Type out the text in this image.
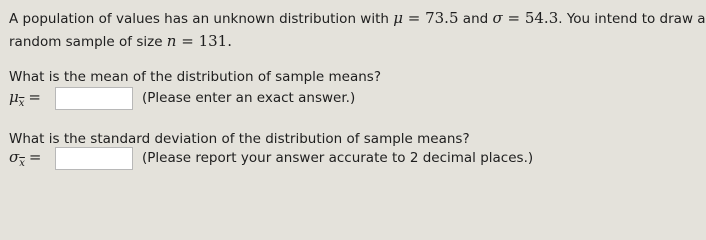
A population of values has an unknown distribution with μ = 73.5 and σ = 54.3. You intend to draw a
random sample of size n = 131.
What is the mean of the distribution of sample means?
$\mu_{\overline{x}}$ =	(Please enter an exact answer.)
What is the standard deviation of the distribution of sample means?
$\sigma_{\overline{x}}$ =	(Please report your answer accurate to 2 decimal places.)
